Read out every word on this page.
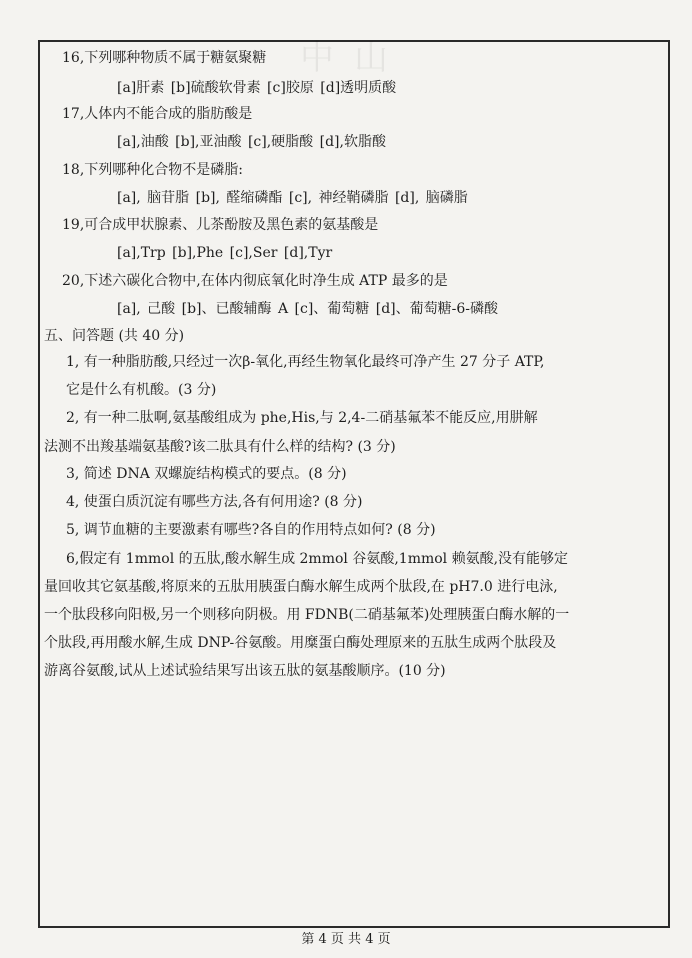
中山
16,下列哪种物质不属于糖氨聚糖
[a]肝素 [b]硫酸软骨素 [c]胶原 [d]透明质酸
17,人体内不能合成的脂肪酸是
[a],油酸 [b],亚油酸 [c],硬脂酸 [d],软脂酸
18,下列哪种化合物不是磷脂:
[a], 脑苷脂 [b], 醛缩磷酯 [c], 神经鞘磷脂 [d], 脑磷脂
19,可合成甲状腺素、儿茶酚胺及黑色素的氨基酸是
[a],Trp [b],Phe [c],Ser [d],Tyr
20,下述六碳化合物中,在体内彻底氧化时净生成 ATP 最多的是
[a], 己酸 [b]、已酸辅酶 A [c]、葡萄糖 [d]、葡萄糖-6-磷酸
五、问答题 (共 40 分)
1, 有一种脂肪酸,只经过一次β-氧化,再经生物氧化最终可净产生 27 分子 ATP,
它是什么有机酸。(3 分)
2, 有一种二肽啊,氨基酸组成为 phe,His,与 2,4-二硝基氟苯不能反应,用肼解
法测不出羧基端氨基酸?该二肽具有什么样的结构? (3 分)
3, 简述 DNA 双螺旋结构模式的要点。(8 分)
4, 使蛋白质沉淀有哪些方法,各有何用途? (8 分)
5, 调节血糖的主要激素有哪些?各自的作用特点如何? (8 分)
6,假定有 1mmol 的五肽,酸水解生成 2mmol 谷氨酸,1mmol 赖氨酸,没有能够定
量回收其它氨基酸,将原来的五肽用胰蛋白酶水解生成两个肽段,在 pH7.0 进行电泳,
一个肽段移向阳极,另一个则移向阴极。用 FDNB(二硝基氟苯)处理胰蛋白酶水解的一
个肽段,再用酸水解,生成 DNP-谷氨酸。用糜蛋白酶处理原来的五肽生成两个肽段及
游离谷氨酸,试从上述试验结果写出该五肽的氨基酸顺序。(10 分)
第 4 页 共 4 页
